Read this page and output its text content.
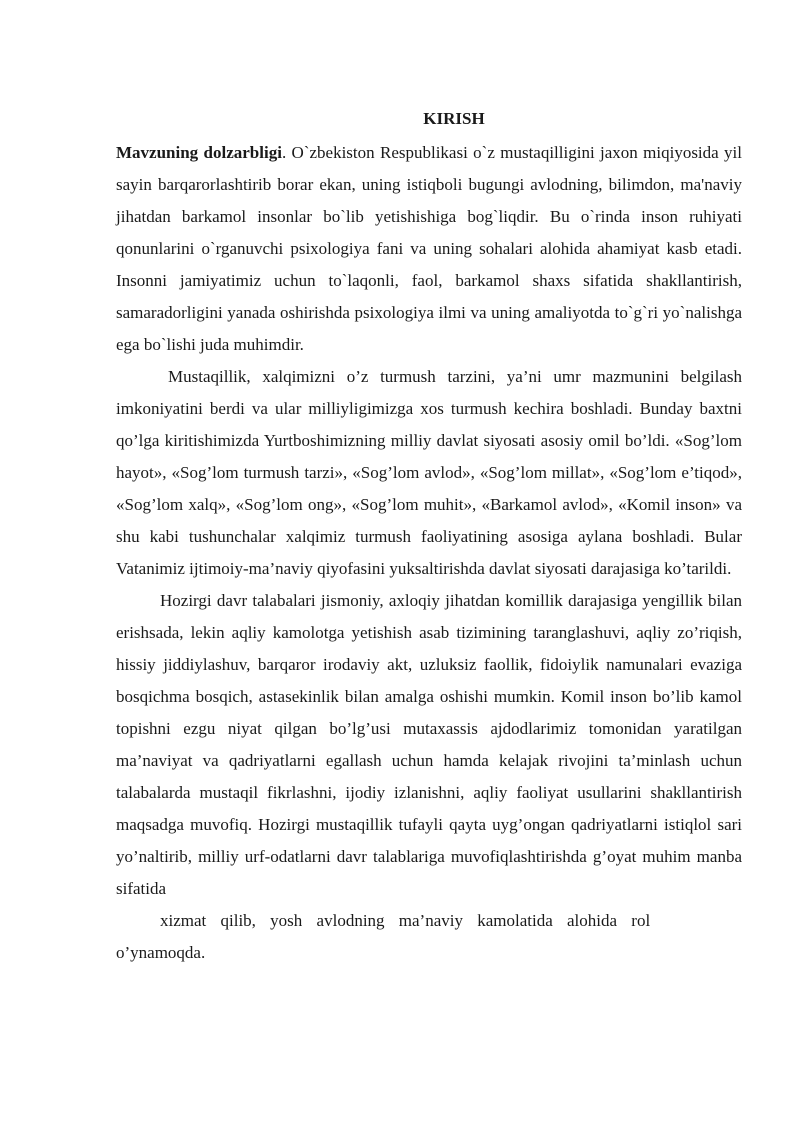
KIRISH

Mavzuning dolzarbligi. O`zbekiston Respublikasi o`z mustaqilligini jaxon miqiyosida yil sayin barqarorlashtirib borar ekan, uning istiqboli bugungi avlodning, bilimdon, ma'naviy jihatdan barkamol insonlar bo`lib yetishishiga bog`liqdir. Bu o`rinda inson ruhiyati qonunlarini o`rganuvchi psixologiya fani va uning sohalari alohida ahamiyat kasb etadi. Insonni jamiyatimiz uchun to`laqonli, faol, barkamol shaxs sifatida shakllantirish, samaradorligini yanada oshirishda psixologiya ilmi va uning amaliyotda to`g`ri yo`nalishga ega bo`lishi juda muhimdir.

Mustaqillik, xalqimizni o’z turmush tarzini, ya’ni umr mazmunini belgilash imkoniyatini berdi va ular milliyligimizga xos turmush kechira boshladi. Bunday baxtni qo’lga kiritishimizda Yurtboshimizning milliy davlat siyosati asosiy omil bo’ldi. «Sog’lom hayot», «Sog’lom turmush tarzi», «Sog’lom avlod», «Sog’lom millat», «Sog’lom e’tiqod», «Sog’lom xalq», «Sog’lom ong», «Sog’lom muhit», «Barkamol avlod», «Komil inson» va shu kabi tushunchalar xalqimiz turmush faoliyatining asosiga aylana boshladi. Bular Vatanimiz ijtimoiy-ma’naviy qiyofasini yuksaltirishda davlat siyosati darajasiga ko’tarildi.

Hozirgi davr talabalari jismoniy, axloqiy jihatdan komillik darajasiga yengillik bilan erishsada, lekin aqliy kamolotga yetishish asab tizimining taranglashuvi, aqliy zo’riqish, hissiy jiddiylashuv, barqaror irodaviy akt, uzluksiz faollik, fidoiylik namunalari evaziga bosqichma bosqich, astasekinlik bilan amalga oshishi mumkin. Komil inson bo’lib kamol topishni ezgu niyat qilgan bo’lg’usi mutaxassis ajdodlarimiz tomonidan yaratilgan ma’naviyat va qadriyatlarni egallash uchun hamda kelajak rivojini ta’minlash uchun talabalarda mustaqil fikrlashni, ijodiy izlanishni, aqliy faoliyat usullarini shakllantirish maqsadga muvofiq. Hozirgi mustaqillik tufayli qayta uyg’ongan qadriyatlarni istiqlol sari yo’naltirib, milliy urf-odatlarni davr talablariga muvofiqlashtirishda g’oyat muhim manba sifatida
xizmat qilib, yosh avlodning ma’naviy kamolatida alohida rol o’ynamoqda.
